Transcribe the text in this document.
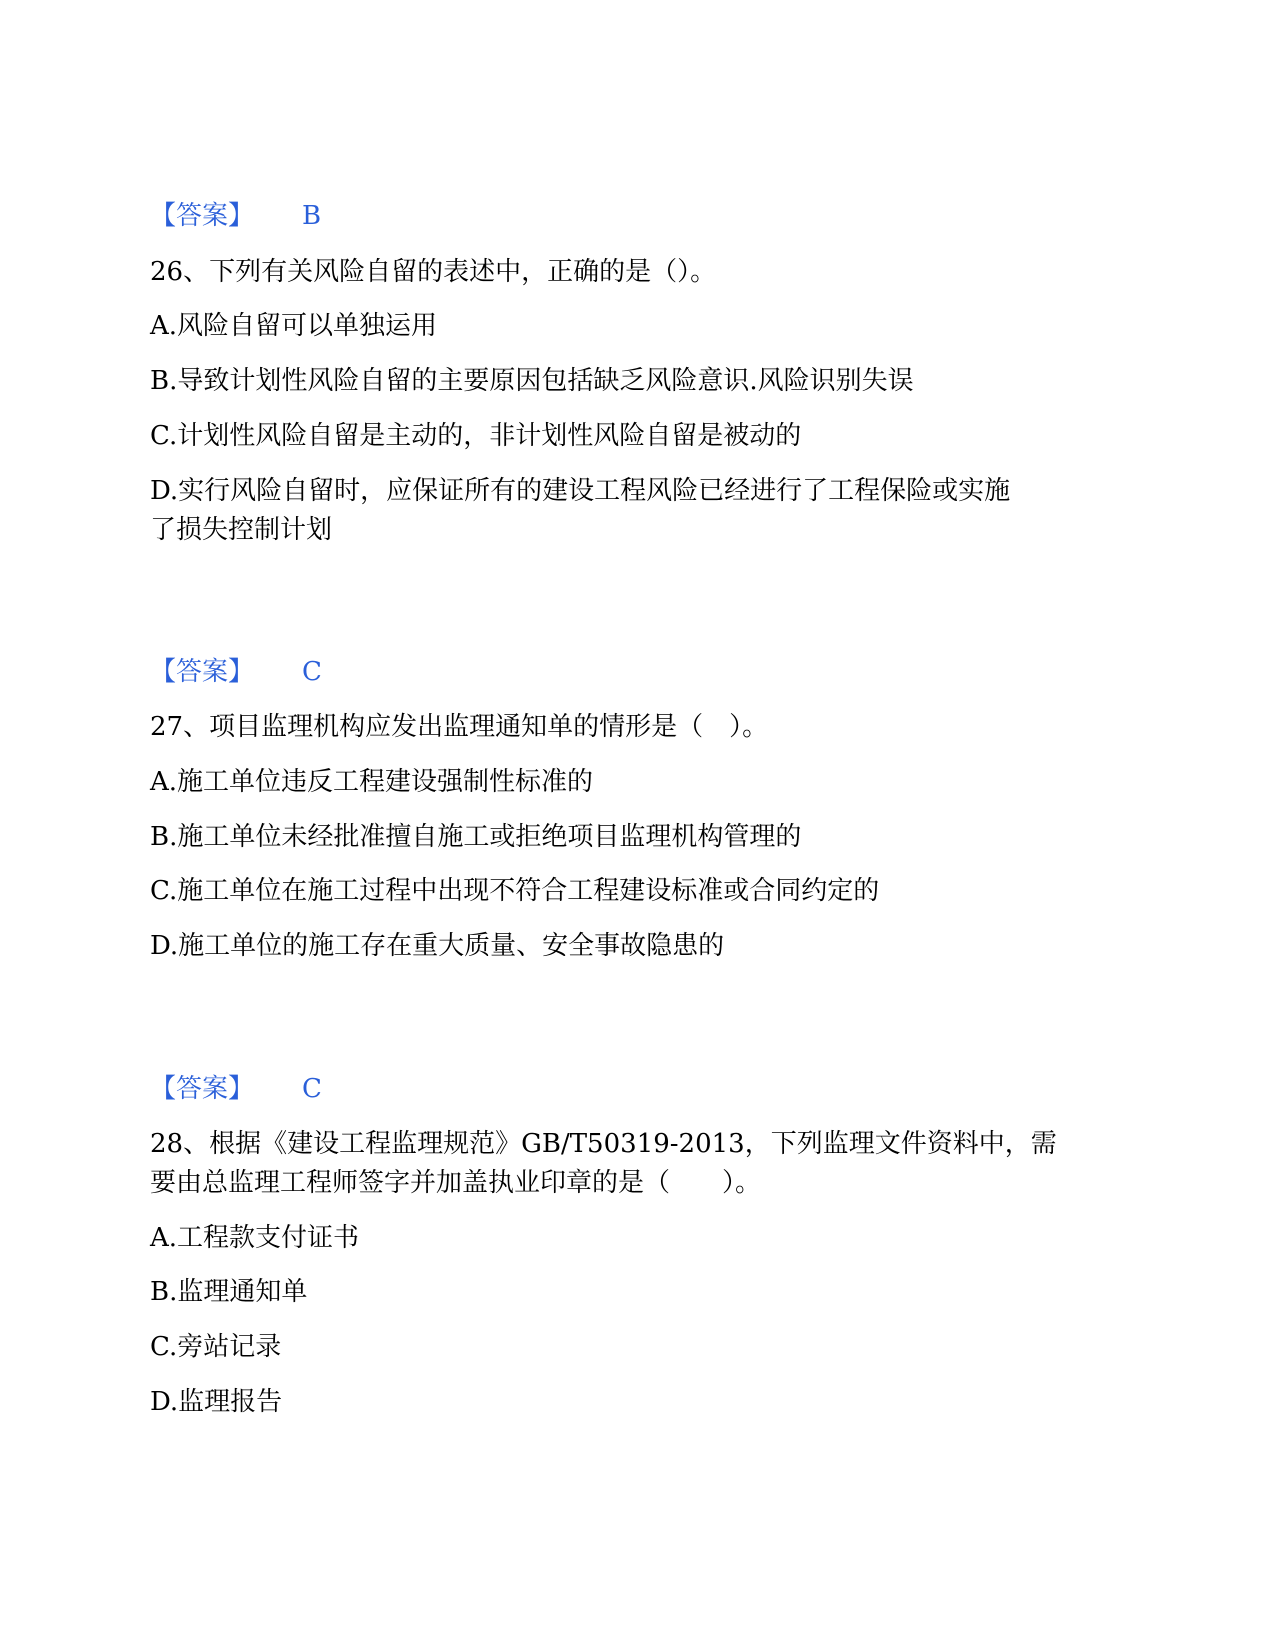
【答案】 B
26、下列有关风险自留的表述中，正确的是（）。
A.风险自留可以单独运用
B.导致计划性风险自留的主要原因包括缺乏风险意识.风险识别失误
C.计划性风险自留是主动的，非计划性风险自留是被动的
D.实行风险自留时，应保证所有的建设工程风险已经进行了工程保险或实施
了损失控制计划
【答案】 C
27、项目监理机构应发出监理通知单的情形是（　）。
A.施工单位违反工程建设强制性标准的
B.施工单位未经批准擅自施工或拒绝项目监理机构管理的
C.施工单位在施工过程中出现不符合工程建设标准或合同约定的
D.施工单位的施工存在重大质量、安全事故隐患的
【答案】 C
28、根据《建设工程监理规范》GB/T50319-2013，下列监理文件资料中，需
要由总监理工程师签字并加盖执业印章的是（　　）。
A.工程款支付证书
B.监理通知单
C.旁站记录
D.监理报告
